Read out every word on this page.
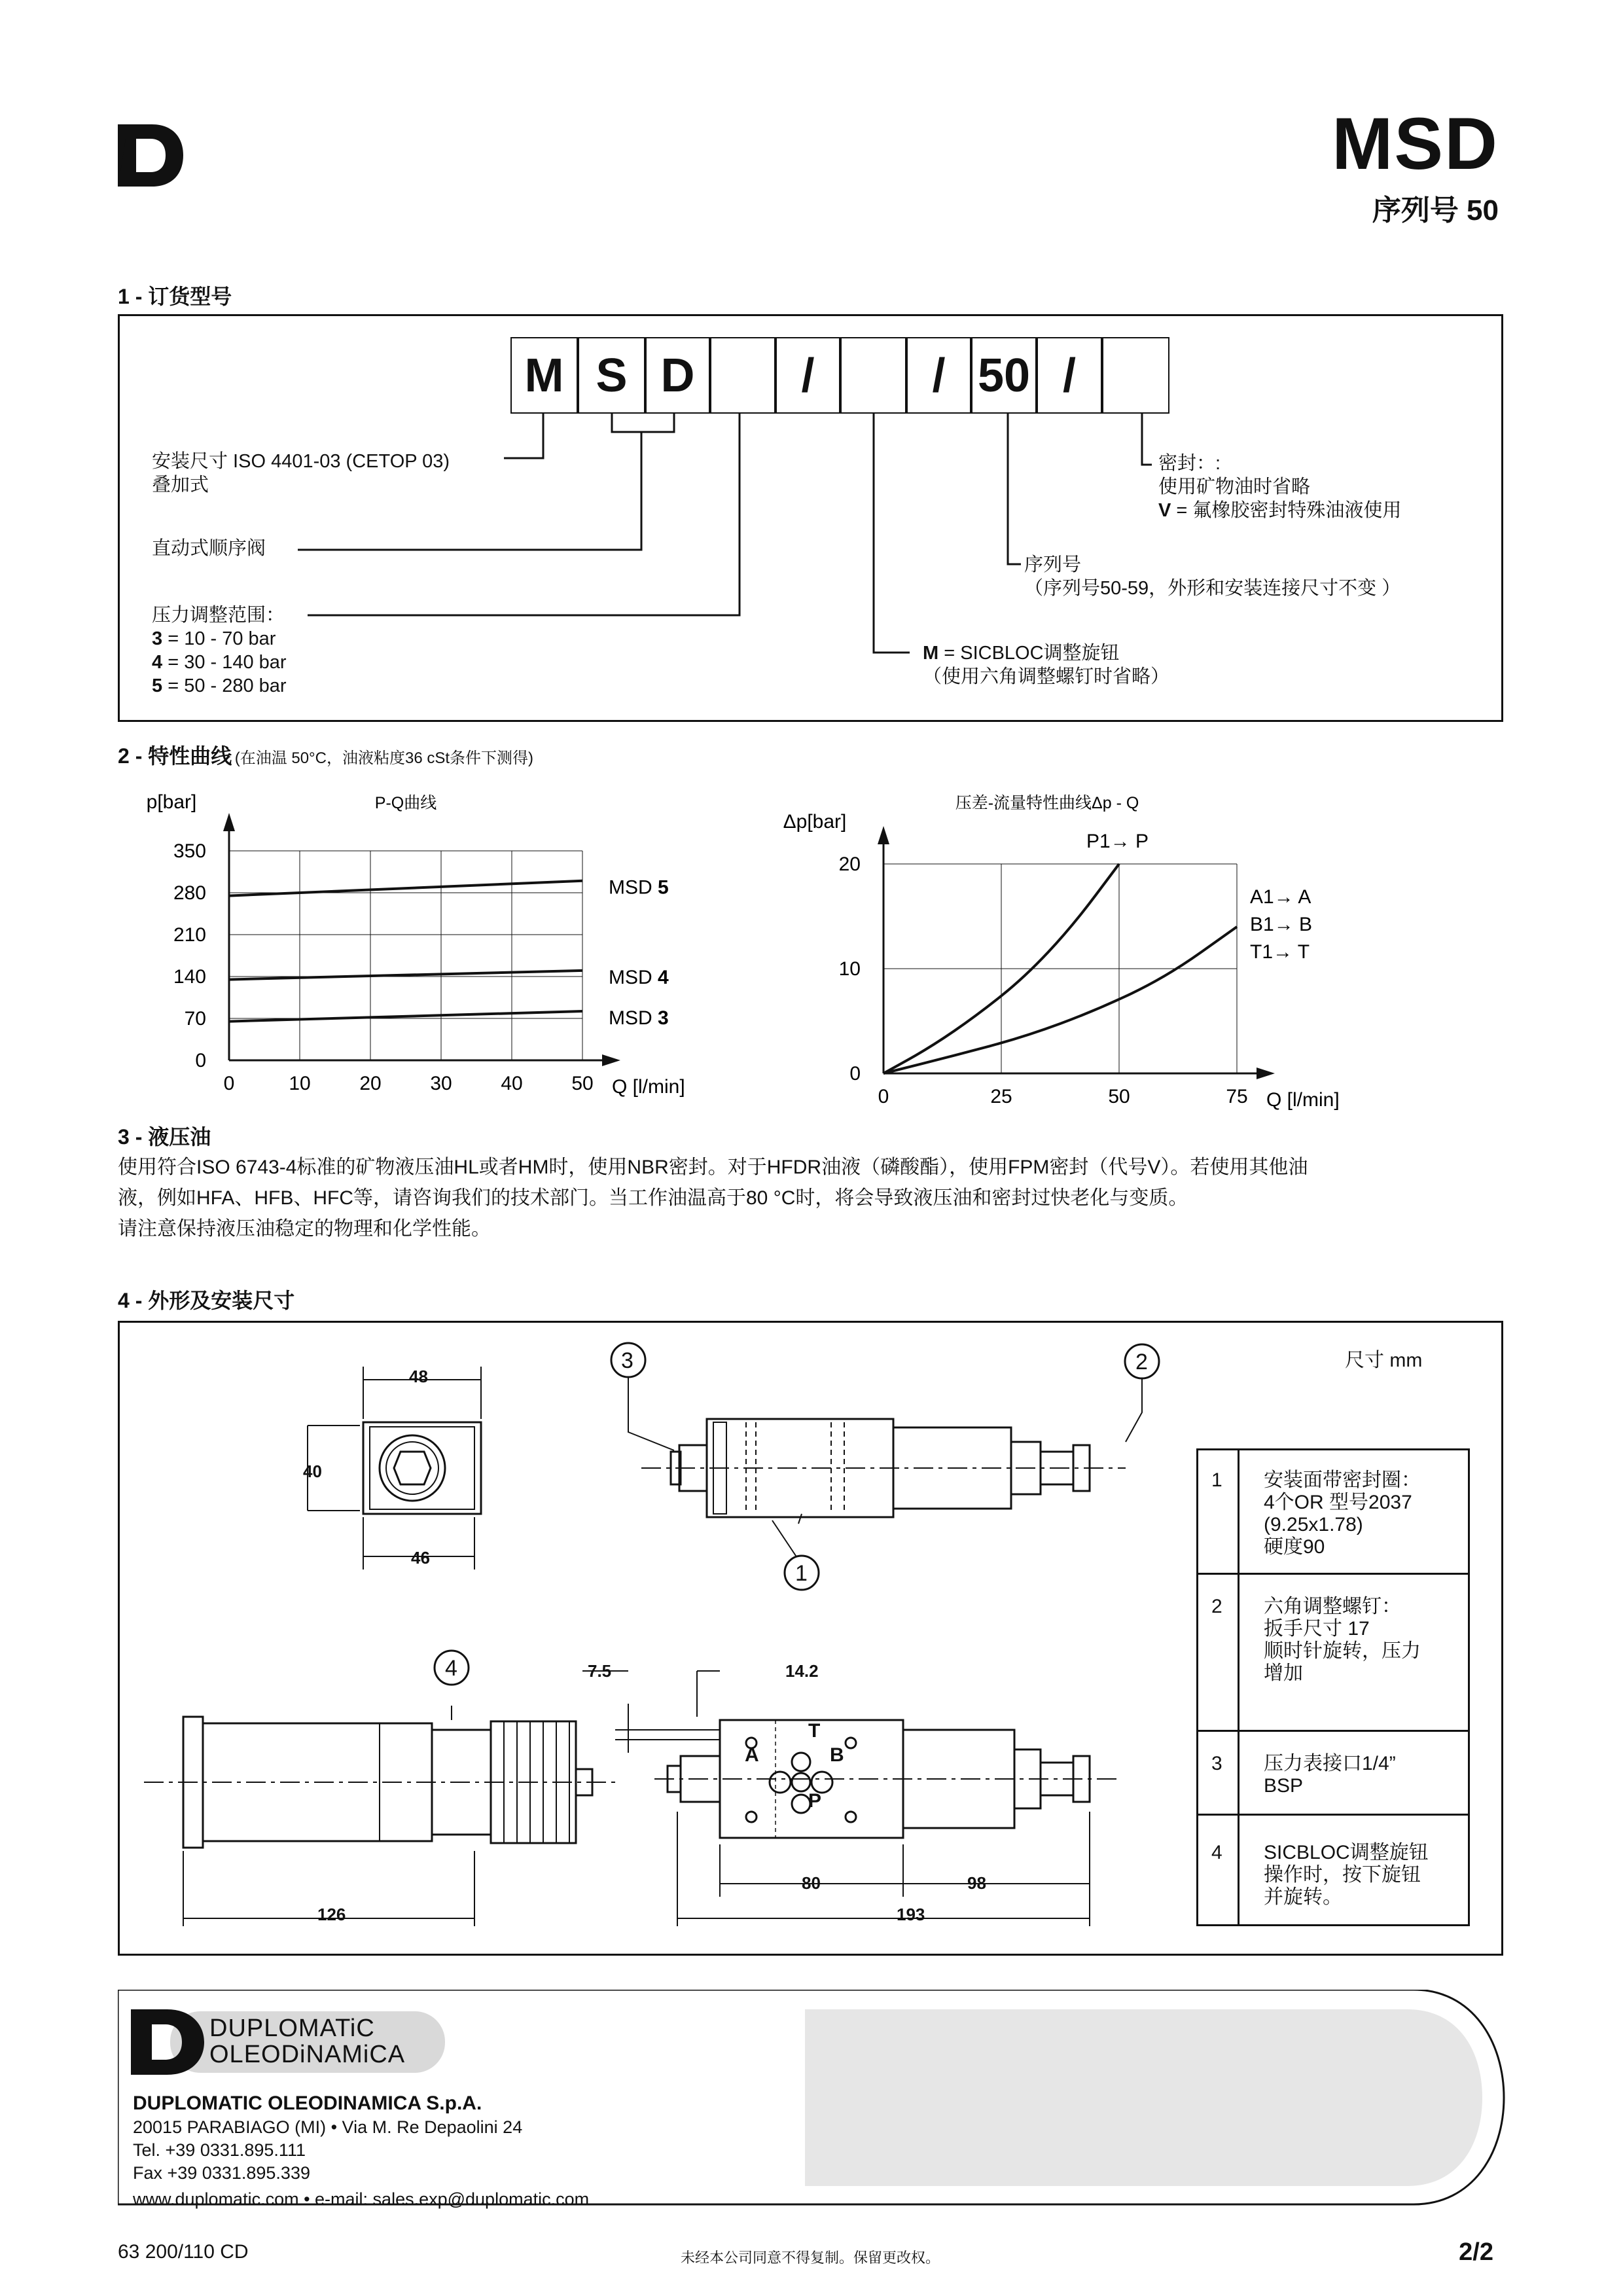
MSD
序列号 50
1 - 订货型号
M S D	/	/ 50 /
安装尺寸 ISO 4401-03 (CETOP 03)
叠加式
直动式顺序阀
压力调整范围：
3 = 10 - 70 bar
4 = 30 - 140 bar
5 = 50 - 280 bar
M = SICBLOC调整旋钮
（使用六角调整螺钉时省略）
序列号
（序列号50-59，外形和安装连接尺寸不变 ）
密封：:
使用矿物油时省略
V = 氟橡胶密封特殊油液使用
2 - 特性曲线 (在油温 50°C，油液粘度36 cSt条件下测得)
0	10 20 30 40 50
0
70
140
210
280
350
p[bar]
Q [l/min]
P-Q曲线
MSD 5
MSD 4
MSD 3
0	25	50	75
0
10
20
Δp[bar]
Q [l/min]
压差-流量特性曲线Δp - Q
P1→ P
A1→ A
B1→ B
T1→ T
3 - 液压油
使用符合ISO 6743-4标准的矿物液压油HL或者HM时，使用NBR密封。对于HFDR油液（磷酸酯），使用FPM密封（代号V）。若使用其他油
液，例如HFA、HFB、HFC等，请咨询我们的技术部门。当工作油温高于80 °C时，将会导致液压油和密封过快老化与变质。
请注意保持液压油稳定的物理和化学性能。
4 - 外形及安装尺寸
尺寸 mm
48
40
46
126
7.5	14.2
80	98
193
3	2
1
4
T
A	B
P
1 安装面带密封圈：
4个OR 型号2037
(9.25x1.78)
硬度90
2 六角调整螺钉：
扳手尺寸 17
顺时针旋转，压力
增加
3 压力表接口1/4”
BSP
4 SICBLOC调整旋钮
操作时，按下旋钮
并旋转。
DUPLOMATiC
OLEODiNAMiCA
DUPLOMATIC OLEODINAMICA S.p.A.
20015 PARABIAGO (MI) • Via M. Re Depaolini 24
Tel. +39 0331.895.111
Fax +39 0331.895.339
www.duplomatic.com • e-mail: sales.exp@duplomatic.com
63 200/110 CD	未经本公司同意不得复制。保留更改权。	2/2
